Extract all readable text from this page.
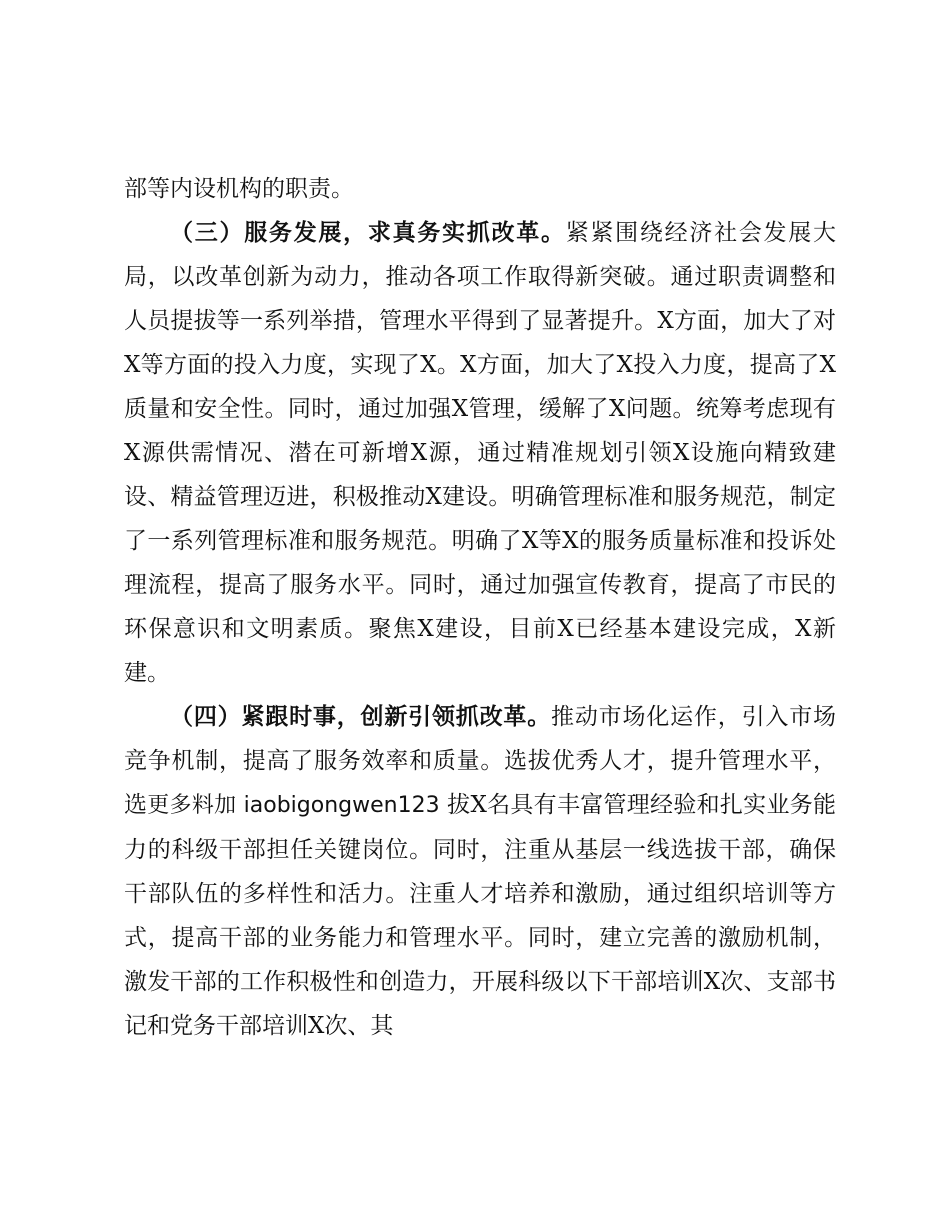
部等内设机构的职责。

（三）服务发展，求真务实抓改革。紧紧围绕经济社会发展大局，以改革创新为动力，推动各项工作取得新突破。通过职责调整和人员提拔等一系列举措，管理水平得到了显著提升。X方面，加大了对X等方面的投入力度，实现了X。X方面，加大了X投入力度，提高了X质量和安全性。同时，通过加强X管理，缓解了X问题。统筹考虑现有X源供需情况、潜在可新增X源，通过精准规划引领X设施向精致建设、精益管理迈进，积极推动X建设。明确管理标准和服务规范，制定了一系列管理标准和服务规范。明确了X等X的服务质量标准和投诉处理流程，提高了服务水平。同时，通过加强宣传教育，提高了市民的环保意识和文明素质。聚焦X建设，目前X已经基本建设完成，X新建。

（四）紧跟时事，创新引领抓改革。推动市场化运作，引入市场竞争机制，提高了服务效率和质量。选拔优秀人才，提升管理水平，选更多料加 iaobigongwen123 拔X名具有丰富管理经验和扎实业务能力的科级干部担任关键岗位。同时，注重从基层一线选拔干部，确保干部队伍的多样性和活力。注重人才培养和激励，通过组织培训等方式，提高干部的业务能力和管理水平。同时，建立完善的激励机制，激发干部的工作积极性和创造力，开展科级以下干部培训X次、支部书记和党务干部培训X次、其
